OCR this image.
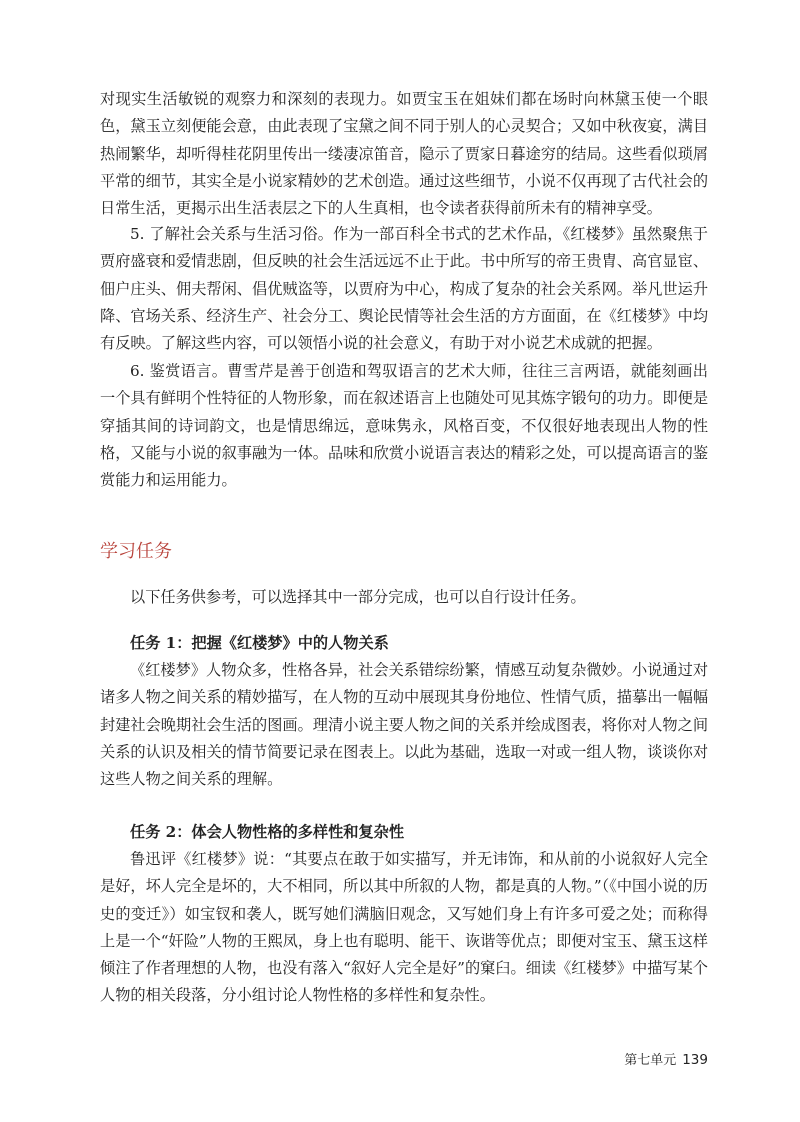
对现实生活敏锐的观察力和深刻的表现力。如贾宝玉在姐妹们都在场时向林黛玉使一个眼色，黛玉立刻便能会意，由此表现了宝黛之间不同于别人的心灵契合；又如中秋夜宴，满目热闹繁华，却听得桂花阴里传出一缕凄凉笛音，隐示了贾家日暮途穷的结局。这些看似琐屑平常的细节，其实全是小说家精妙的艺术创造。通过这些细节，小说不仅再现了古代社会的日常生活，更揭示出生活表层之下的人生真相，也令读者获得前所未有的精神享受。

5. 了解社会关系与生活习俗。作为一部百科全书式的艺术作品，《红楼梦》虽然聚焦于贾府盛衰和爱情悲剧，但反映的社会生活远远不止于此。书中所写的帝王贵胄、高官显宦、佃户庄头、佣夫帮闲、倡优贼盗等，以贾府为中心，构成了复杂的社会关系网。举凡世运升降、官场关系、经济生产、社会分工、舆论民情等社会生活的方方面面，在《红楼梦》中均有反映。了解这些内容，可以领悟小说的社会意义，有助于对小说艺术成就的把握。

6. 鉴赏语言。曹雪芹是善于创造和驾驭语言的艺术大师，往往三言两语，就能刻画出一个具有鲜明个性特征的人物形象，而在叙述语言上也随处可见其炼字锻句的功力。即便是穿插其间的诗词韵文，也是情思绵远，意味隽永，风格百变，不仅很好地表现出人物的性格，又能与小说的叙事融为一体。品味和欣赏小说语言表达的精彩之处，可以提高语言的鉴赏能力和运用能力。

学习任务

以下任务供参考，可以选择其中一部分完成，也可以自行设计任务。

任务 1：把握《红楼梦》中的人物关系

《红楼梦》人物众多，性格各异，社会关系错综纷繁，情感互动复杂微妙。小说通过对诸多人物之间关系的精妙描写，在人物的互动中展现其身份地位、性情气质，描摹出一幅幅封建社会晚期社会生活的图画。理清小说主要人物之间的关系并绘成图表，将你对人物之间关系的认识及相关的情节简要记录在图表上。以此为基础，选取一对或一组人物，谈谈你对这些人物之间关系的理解。

任务 2：体会人物性格的多样性和复杂性

鲁迅评《红楼梦》说：“其要点在敢于如实描写，并无讳饰，和从前的小说叙好人完全是好，坏人完全是坏的，大不相同，所以其中所叙的人物，都是真的人物。”（《中国小说的历史的变迁》）如宝钗和袭人，既写她们满脑旧观念，又写她们身上有许多可爱之处；而称得上是一个“奸险”人物的王熙凤，身上也有聪明、能干、诙谐等优点；即便对宝玉、黛玉这样倾注了作者理想的人物，也没有落入“叙好人完全是好”的窠臼。细读《红楼梦》中描写某个人物的相关段落，分小组讨论人物性格的多样性和复杂性。

第七单元 139
